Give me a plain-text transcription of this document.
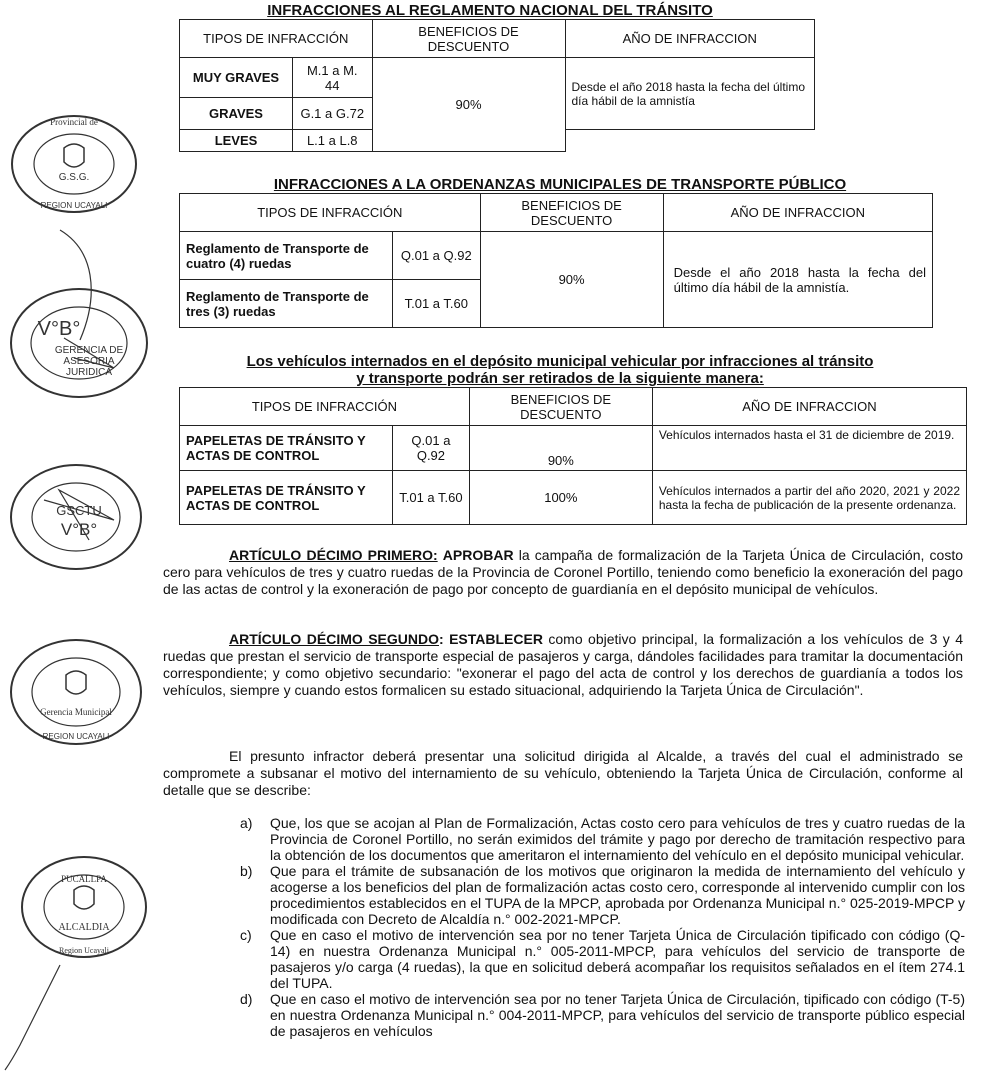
INFRACCIONES AL REGLAMENTO NACIONAL DEL TRÁNSITO
TIPOS DE INFRACCIÓN		BENEFICIOS DE DESCUENTO	AÑO DE INFRACCION
MUY GRAVES	M.1 a M. 44	90%	Desde el año 2018 hasta la fecha del último día hábil de la amnistía
GRAVES	G.1 a G.72		
LEVES	L.1 a L.8		
INFRACCIONES A LA ORDENANZAS MUNICIPALES DE TRANSPORTE PÚBLICO
TIPOS DE INFRACCIÓN		BENEFICIOS DE DESCUENTO	AÑO DE INFRACCION
Reglamento de Transporte de cuatro (4) ruedas	Q.01 a Q.92	90%	Desde el año 2018 hasta la fecha del último día hábil de la amnistía.
Reglamento de Transporte de tres (3) ruedas	T.01 a T.60		
Los vehículos internados en el depósito municipal vehicular por infracciones al tránsito
y transporte podrán ser retirados de la siguiente manera:
TIPOS DE INFRACCIÓN		BENEFICIOS DE DESCUENTO	AÑO DE INFRACCION
PAPELETAS DE TRÁNSITO Y ACTAS DE CONTROL	Q.01 a Q.92	90%	Vehículos internados hasta el 31 de diciembre de 2019.
PAPELETAS DE TRÁNSITO Y ACTAS DE CONTROL	T.01 a T.60	100%	Vehículos internados a partir del año 2020, 2021 y 2022 hasta la fecha de publicación de la presente ordenanza.
ARTÍCULO DÉCIMO PRIMERO: APROBAR la campaña de formalización de la Tarjeta Única de Circulación, costo cero para vehículos de tres y cuatro ruedas de la Provincia de Coronel Portillo, teniendo como beneficio la exoneración del pago de las actas de control y la exoneración de pago por concepto de guardianía en el depósito municipal de vehículos.
ARTÍCULO DÉCIMO SEGUNDO: ESTABLECER como objetivo principal, la formalización a los vehículos de 3 y 4 ruedas que prestan el servicio de transporte especial de pasajeros y carga, dándoles facilidades para tramitar la documentación correspondiente; y como objetivo secundario: "exonerar el pago del acta de control y los derechos de guardianía a todos los vehículos, siempre y cuando estos formalicen su estado situacional, adquiriendo la Tarjeta Única de Circulación".
El presunto infractor deberá presentar una solicitud dirigida al Alcalde, a través del cual el administrado se compromete a subsanar el motivo del internamiento de su vehículo, obteniendo la Tarjeta Única de Circulación, conforme al detalle que se describe:
a)	Que, los que se acojan al Plan de Formalización, Actas costo cero para vehículos de tres y cuatro ruedas de la Provincia de Coronel Portillo, no serán eximidos del trámite y pago por derecho de tramitación respectivo para la obtención de los documentos que ameritaron el internamiento del vehículo en el depósito municipal vehicular.
b)	Que para el trámite de subsanación de los motivos que originaron la medida de internamiento del vehículo y acogerse a los beneficios del plan de formalización actas costo cero, corresponde al intervenido cumplir con los procedimientos establecidos en el TUPA de la MPCP, aprobada por Ordenanza Municipal n.° 025-2019-MPCP y modificada con Decreto de Alcaldía n.° 002-2021-MPCP.
c)	Que en caso el motivo de intervención sea por no tener Tarjeta Única de Circulación tipificado con código (Q-14) en nuestra Ordenanza Municipal n.° 005-2011-MPCP, para vehículos del servicio de transporte de pasajeros y/o carga (4 ruedas), la que en solicitud deberá acompañar los requisitos señalados en el ítem 274.1 del TUPA.
d)	Que en caso el motivo de intervención sea por no tener Tarjeta Única de Circulación, tipificado con código (T-5) en nuestra Ordenanza Municipal n.° 004-2011-MPCP, para vehículos del servicio de transporte público especial de pasajeros en vehículos
G.S.G.
Provincial de
REGION UCAYALI
V°B°
GERENCIA DE
ASESORIA
JURIDICA
GSCTU
V°B°
Gerencia Municipal
REGION UCAYALI
PUCALLPA
ALCALDIA
Region Ucayali
